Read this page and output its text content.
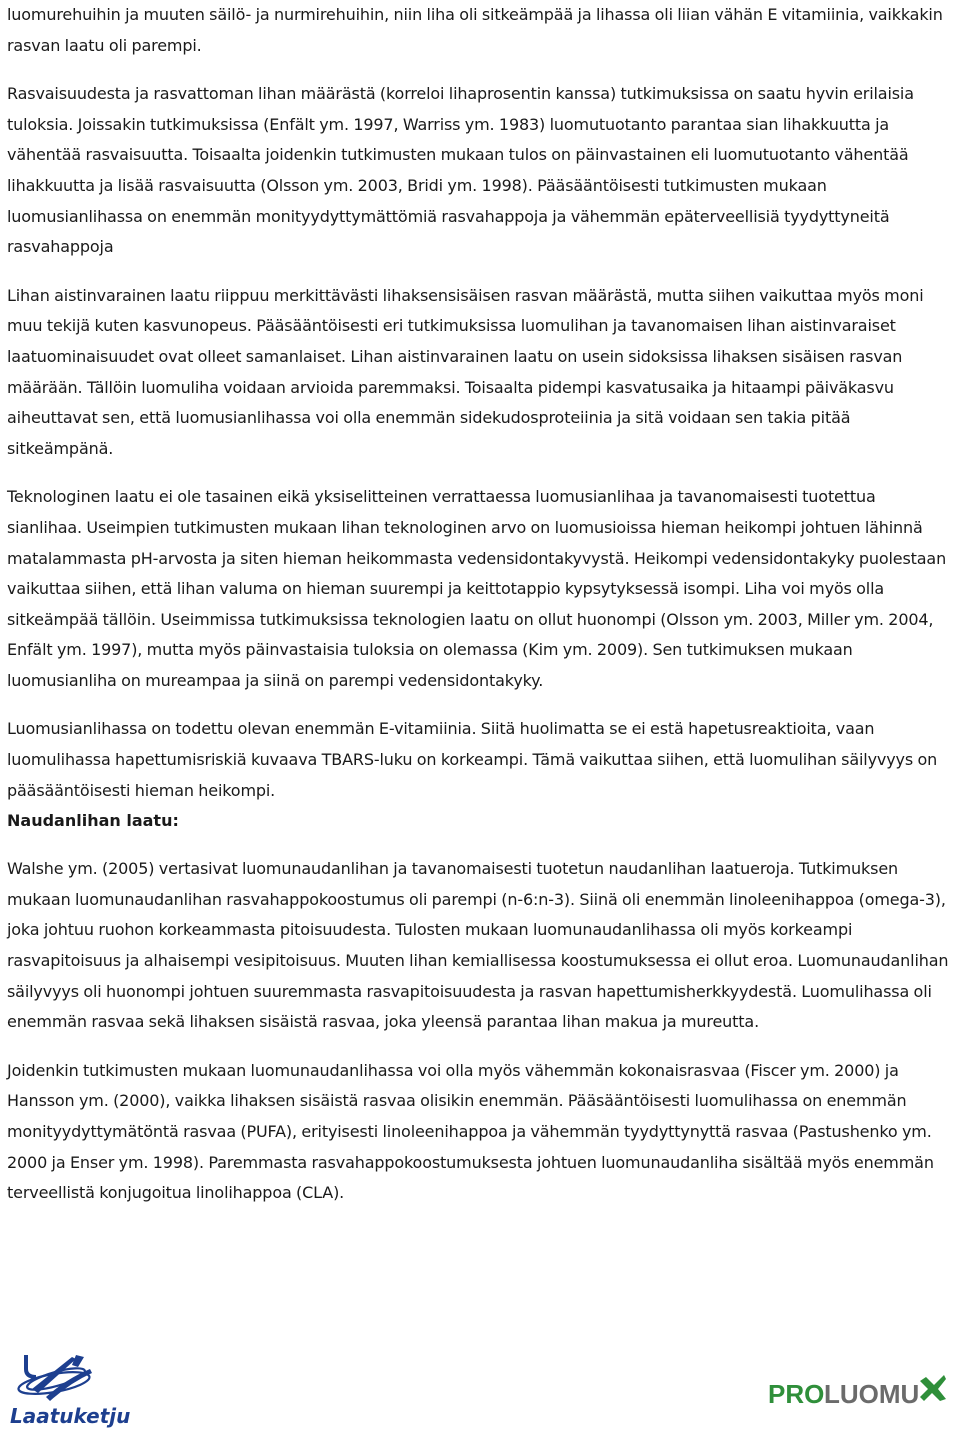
luomurehuihin ja muuten säilö- ja nurmirehuihin, niin liha oli sitkeämpää ja lihassa oli liian vähän E vitamiinia, vaikkakin rasvan laatu oli parempi.

Rasvaisuudesta ja rasvattoman lihan määrästä (korreloi lihaprosentin kanssa) tutkimuksissa on saatu hyvin erilaisia tuloksia. Joissakin tutkimuksissa (Enfält ym. 1997, Warriss ym. 1983) luomutuotanto parantaa sian lihakkuutta ja vähentää rasvaisuutta. Toisaalta joidenkin tutkimusten mukaan tulos on päinvastainen eli luomutuotanto vähentää lihakkuutta ja lisää rasvaisuutta (Olsson ym. 2003, Bridi ym. 1998). Pääsääntöisesti tutkimusten mukaan luomusianlihassa on enemmän monityydyttymättömiä rasvahappoja ja vähemmän epäterveellisiä tyydyttyneitä rasvahappoja

Lihan aistinvarainen laatu riippuu merkittävästi lihaksensisäisen rasvan määrästä, mutta siihen vaikuttaa myös moni muu tekijä kuten kasvunopeus. Pääsääntöisesti eri tutkimuksissa luomulihan ja tavanomaisen lihan aistinvaraiset laatuominaisuudet ovat olleet samanlaiset. Lihan aistinvarainen laatu on usein sidoksissa lihaksen sisäisen rasvan määrään. Tällöin luomuliha voidaan arvioida paremmaksi. Toisaalta pidempi kasvatusaika ja hitaampi päiväkasvu aiheuttavat sen, että luomusianlihassa voi olla enemmän sidekudosproteiinia ja sitä voidaan sen takia pitää sitkeämpänä.

Teknologinen laatu ei ole tasainen eikä yksiselitteinen verrattaessa luomusianlihaa ja tavanomaisesti tuotettua sianlihaa. Useimpien tutkimusten mukaan lihan teknologinen arvo on luomusioissa hieman heikompi johtuen lähinnä matalammasta pH-arvosta ja siten hieman heikommasta vedensidontakyvystä. Heikompi vedensidontakyky puolestaan vaikuttaa siihen, että lihan valuma on hieman suurempi ja keittotappio kypsytyksessä isompi. Liha voi myös olla sitkeämpää tällöin. Useimmissa tutkimuksissa teknologien laatu on ollut huonompi (Olsson ym. 2003, Miller ym. 2004, Enfält ym. 1997), mutta myös päinvastaisia tuloksia on olemassa (Kim ym. 2009). Sen tutkimuksen mukaan luomusianliha on mureampaa ja siinä on parempi vedensidontakyky.

Luomusianlihassa on todettu olevan enemmän E-vitamiinia. Siitä huolimatta se ei estä hapetusreaktioita, vaan luomulihassa hapettumisriskiä kuvaava TBARS-luku on korkeampi. Tämä vaikuttaa siihen, että luomulihan säilyvyys on pääsääntöisesti hieman heikompi.

Naudanlihan laatu:

Walshe ym. (2005) vertasivat luomunaudanlihan ja tavanomaisesti tuotetun naudanlihan laatueroja. Tutkimuksen mukaan luomunaudanlihan rasvahappokoostumus oli parempi (n-6:n-3). Siinä oli enemmän linoleenihappoa (omega-3), joka johtuu ruohon korkeammasta pitoisuudesta. Tulosten mukaan luomunaudanlihassa oli myös korkeampi rasvapitoisuus ja alhaisempi vesipitoisuus. Muuten lihan kemiallisessa koostumuksessa ei ollut eroa. Luomunaudanlihan säilyvyys oli huonompi johtuen suuremmasta rasvapitoisuudesta ja rasvan hapettumisherkkyydestä. Luomulihassa oli enemmän rasvaa sekä lihaksen sisäistä rasvaa, joka yleensä parantaa lihan makua ja mureutta.

Joidenkin tutkimusten mukaan luomunaudanlihassa voi olla myös vähemmän kokonaisrasvaa (Fiscer ym. 2000) ja Hansson ym. (2000), vaikka lihaksen sisäistä rasvaa olisikin enemmän. Pääsääntöisesti luomulihassa on enemmän monityydyttymätöntä rasvaa (PUFA), erityisesti linoleenihappoa ja vähemmän tyydyttynyttä rasvaa (Pastushenko ym. 2000 ja Enser ym. 1998). Paremmasta rasvahappokoostumuksesta johtuen luomunaudanliha sisältää myös enemmän terveellistä konjugoitua linolihappoa (CLA).

Laatuketju
PRO LUOMU
